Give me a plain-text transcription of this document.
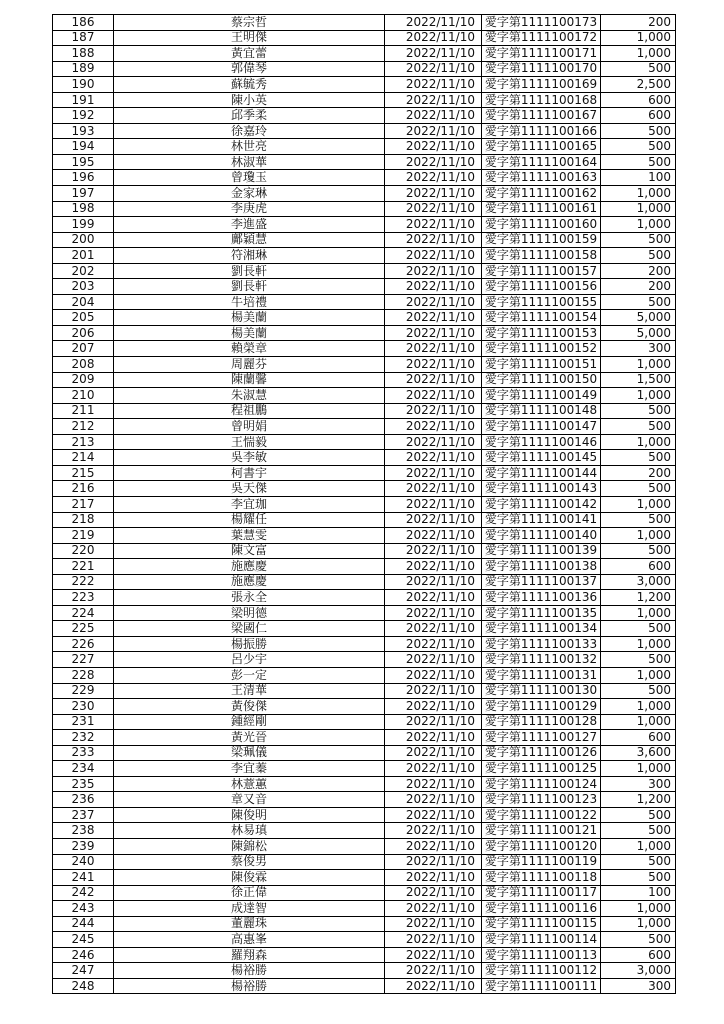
186	蔡宗哲	2022/11/10	愛字第1111100173	200
187	王明傑	2022/11/10	愛字第1111100172	1,000
188	黃宜蕾	2022/11/10	愛字第1111100171	1,000
189	郭偉琴	2022/11/10	愛字第1111100170	500
190	蘇毓秀	2022/11/10	愛字第1111100169	2,500
191	陳小英	2022/11/10	愛字第1111100168	600
192	邱季柔	2022/11/10	愛字第1111100167	600
193	徐嘉玲	2022/11/10	愛字第1111100166	500
194	林世亮	2022/11/10	愛字第1111100165	500
195	林淑華	2022/11/10	愛字第1111100164	500
196	曾瓊玉	2022/11/10	愛字第1111100163	100
197	金家琳	2022/11/10	愛字第1111100162	1,000
198	李庚虎	2022/11/10	愛字第1111100161	1,000
199	李進盛	2022/11/10	愛字第1111100160	1,000
200	鄺穎慧	2022/11/10	愛字第1111100159	500
201	符湘琳	2022/11/10	愛字第1111100158	500
202	劉長軒	2022/11/10	愛字第1111100157	200
203	劉長軒	2022/11/10	愛字第1111100156	200
204	牛培禮	2022/11/10	愛字第1111100155	500
205	楊美蘭	2022/11/10	愛字第1111100154	5,000
206	楊美蘭	2022/11/10	愛字第1111100153	5,000
207	賴榮章	2022/11/10	愛字第1111100152	300
208	周麗芬	2022/11/10	愛字第1111100151	1,000
209	陳蘭馨	2022/11/10	愛字第1111100150	1,500
210	朱淑慧	2022/11/10	愛字第1111100149	1,000
211	程祖鵬	2022/11/10	愛字第1111100148	500
212	曾明娟	2022/11/10	愛字第1111100147	500
213	王惴毅	2022/11/10	愛字第1111100146	1,000
214	吳李敏	2022/11/10	愛字第1111100145	500
215	柯書宇	2022/11/10	愛字第1111100144	200
216	吳天傑	2022/11/10	愛字第1111100143	500
217	李宜珈	2022/11/10	愛字第1111100142	1,000
218	楊耀任	2022/11/10	愛字第1111100141	500
219	葉慧雯	2022/11/10	愛字第1111100140	1,000
220	陳文富	2022/11/10	愛字第1111100139	500
221	施應慶	2022/11/10	愛字第1111100138	600
222	施應慶	2022/11/10	愛字第1111100137	3,000
223	張永全	2022/11/10	愛字第1111100136	1,200
224	梁明德	2022/11/10	愛字第1111100135	1,000
225	梁國仁	2022/11/10	愛字第1111100134	500
226	楊振勝	2022/11/10	愛字第1111100133	1,000
227	呂少宇	2022/11/10	愛字第1111100132	500
228	彭一定	2022/11/10	愛字第1111100131	1,000
229	王清華	2022/11/10	愛字第1111100130	500
230	黃俊傑	2022/11/10	愛字第1111100129	1,000
231	鍾經剛	2022/11/10	愛字第1111100128	1,000
232	黃光晉	2022/11/10	愛字第1111100127	600
233	梁珮儀	2022/11/10	愛字第1111100126	3,600
234	李宜蓁	2022/11/10	愛字第1111100125	1,000
235	林薏蕙	2022/11/10	愛字第1111100124	300
236	章又音	2022/11/10	愛字第1111100123	1,200
237	陳俊明	2022/11/10	愛字第1111100122	500
238	林易瑱	2022/11/10	愛字第1111100121	500
239	陳錦松	2022/11/10	愛字第1111100120	1,000
240	蔡俊男	2022/11/10	愛字第1111100119	500
241	陳俊霖	2022/11/10	愛字第1111100118	500
242	徐正偉	2022/11/10	愛字第1111100117	100
243	成達智	2022/11/10	愛字第1111100116	1,000
244	董麗珠	2022/11/10	愛字第1111100115	1,000
245	高惠峯	2022/11/10	愛字第1111100114	500
246	羅翔森	2022/11/10	愛字第1111100113	600
247	楊裕勝	2022/11/10	愛字第1111100112	3,000
248	楊裕勝	2022/11/10	愛字第1111100111	300
